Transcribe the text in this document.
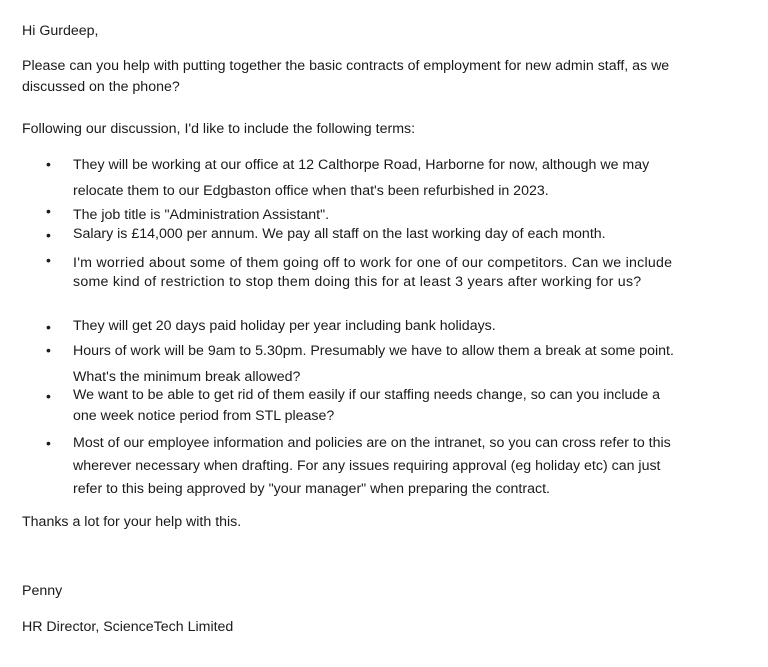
Hi Gurdeep,

Please can you help with putting together the basic contracts of employment for new admin staff, as we discussed on the phone?

Following our discussion, I'd like to include the following terms:

• They will be working at our office at 12 Calthorpe Road, Harborne for now, although we may relocate them to our Edgbaston office when that's been refurbished in 2023.

• The job title is "Administration Assistant".

• Salary is £14,000 per annum. We pay all staff on the last working day of each month.

• I'm worried about some of them going off to work for one of our competitors. Can we include some kind of restriction to stop them doing this for at least 3 years after working for us?

• They will get 20 days paid holiday per year including bank holidays.

• Hours of work will be 9am to 5.30pm. Presumably we have to allow them a break at some point. What's the minimum break allowed?

• We want to be able to get rid of them easily if our staffing needs change, so can you include a one week notice period from STL please?

• Most of our employee information and policies are on the intranet, so you can cross refer to this wherever necessary when drafting. For any issues requiring approval (eg holiday etc) can just refer to this being approved by "your manager" when preparing the contract.

Thanks a lot for your help with this.

Penny

HR Director, ScienceTech Limited
